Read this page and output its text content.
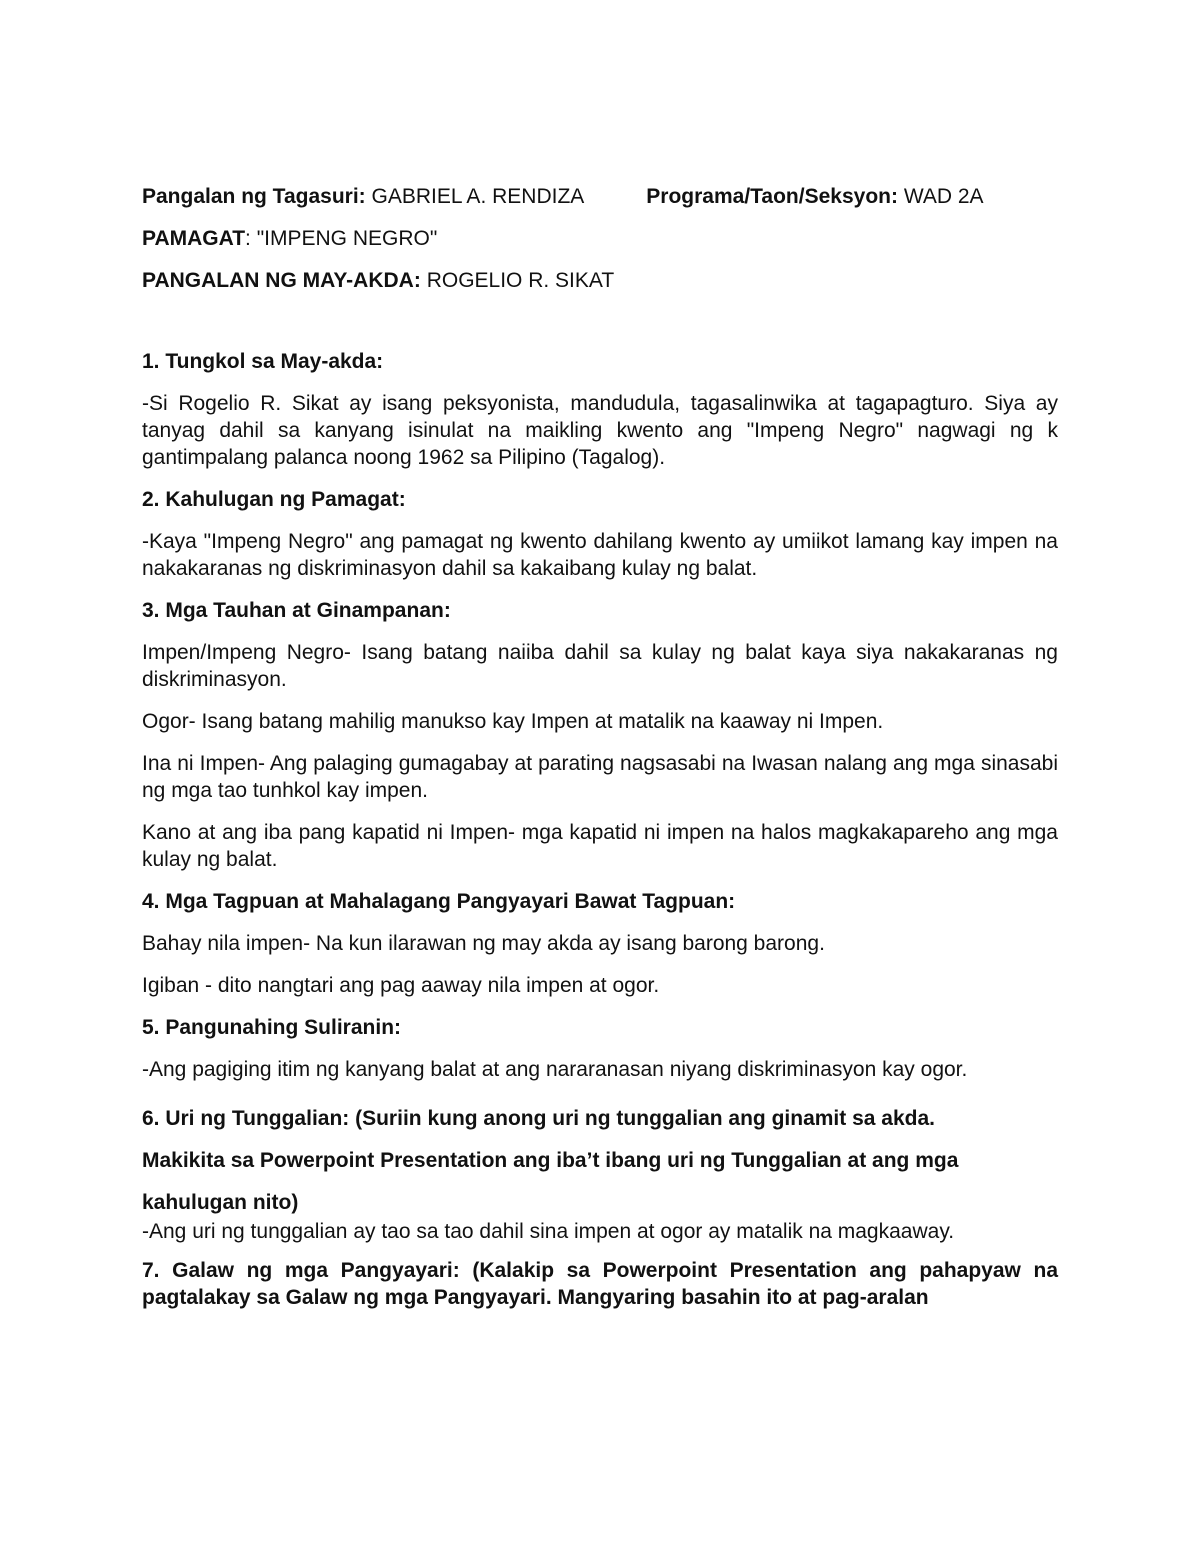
Pangalan ng Tagasuri: GABRIEL A. RENDIZA	Programa/Taon/Seksyon: WAD 2A

PAMAGAT: "IMPENG NEGRO"

PANGALAN NG MAY-AKDA: ROGELIO R. SIKAT

1. Tungkol sa May-akda:

-Si Rogelio R. Sikat ay isang peksyonista, mandudula, tagasalinwika at tagapagturo. Siya ay tanyag dahil sa kanyang isinulat na maikling kwento ang "Impeng Negro" nagwagi ng k gantimpalang palanca noong 1962 sa Pilipino (Tagalog).

2. Kahulugan ng Pamagat:

-Kaya "Impeng Negro" ang pamagat ng kwento dahilang kwento ay umiikot lamang kay impen na nakakaranas ng diskriminasyon dahil sa kakaibang kulay ng balat.

3. Mga Tauhan at Ginampanan:

Impen/Impeng Negro- Isang batang naiiba dahil sa kulay ng balat kaya siya nakakaranas ng diskriminasyon.

Ogor- Isang batang mahilig manukso kay Impen at matalik na kaaway ni Impen.

Ina ni Impen- Ang palaging gumagabay at parating nagsasabi na Iwasan nalang ang mga sinasabi ng mga tao tunhkol kay impen.

Kano at ang iba pang kapatid ni Impen- mga kapatid ni impen na halos magkakapareho ang mga kulay ng balat.

4. Mga Tagpuan at Mahalagang Pangyayari Bawat Tagpuan:

Bahay nila impen- Na kun ilarawan ng may akda ay isang barong barong.

Igiban - dito nangtari ang pag aaway nila impen at ogor.

5. Pangunahing Suliranin:

-Ang pagiging itim ng kanyang balat at ang nararanasan niyang diskriminasyon kay ogor.

6. Uri ng Tunggalian: (Suriin kung anong uri ng tunggalian ang ginamit sa akda.

Makikita sa Powerpoint Presentation ang iba’t ibang uri ng Tunggalian at ang mga

kahulugan nito)

-Ang uri ng tunggalian ay tao sa tao dahil sina impen at ogor ay matalik na magkaaway.

7. Galaw ng mga Pangyayari: (Kalakip sa Powerpoint Presentation ang pahapyaw na pagtalakay sa Galaw ng mga Pangyayari. Mangyaring basahin ito at pag-aralan
